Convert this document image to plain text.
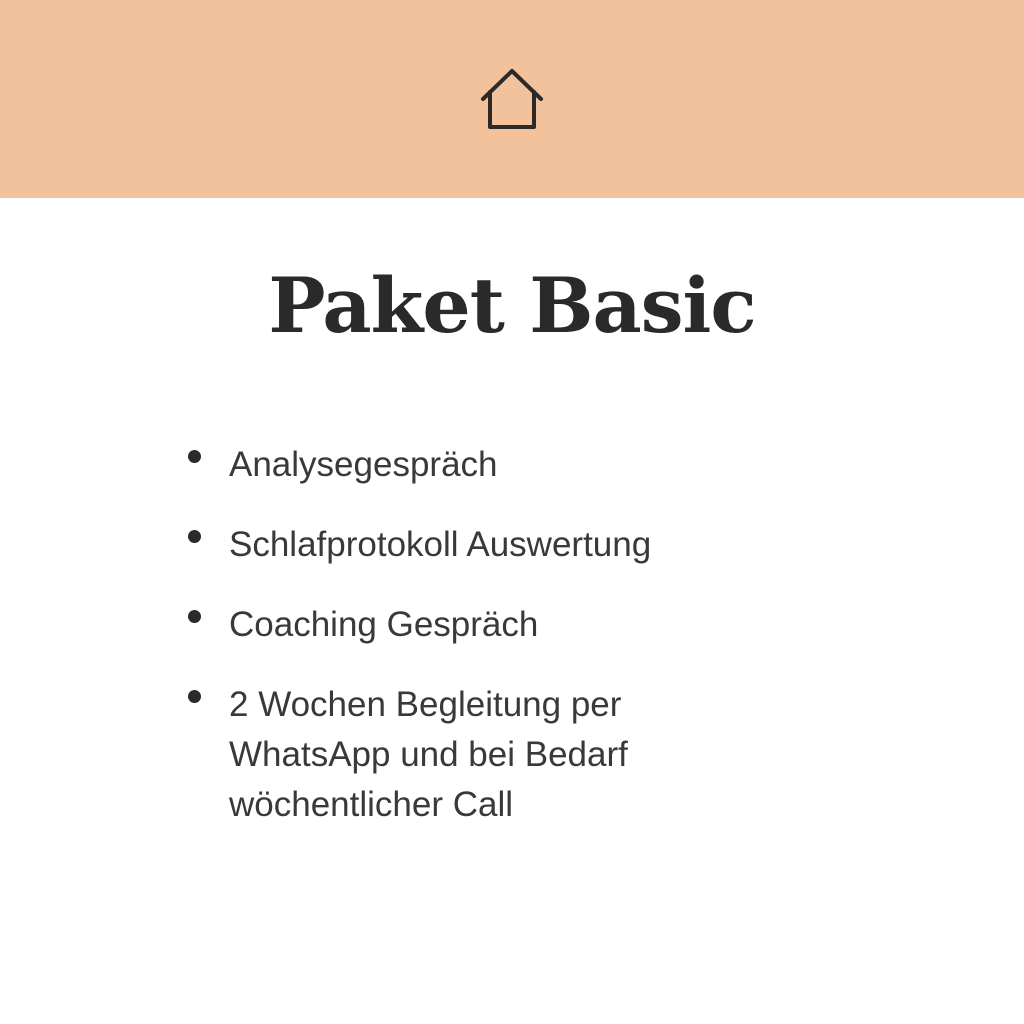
Paket Basic
Analysegespräch
Schlafprotokoll Auswertung
Coaching Gespräch
2 Wochen Begleitung per WhatsApp und bei Bedarf wöchentlicher Call
